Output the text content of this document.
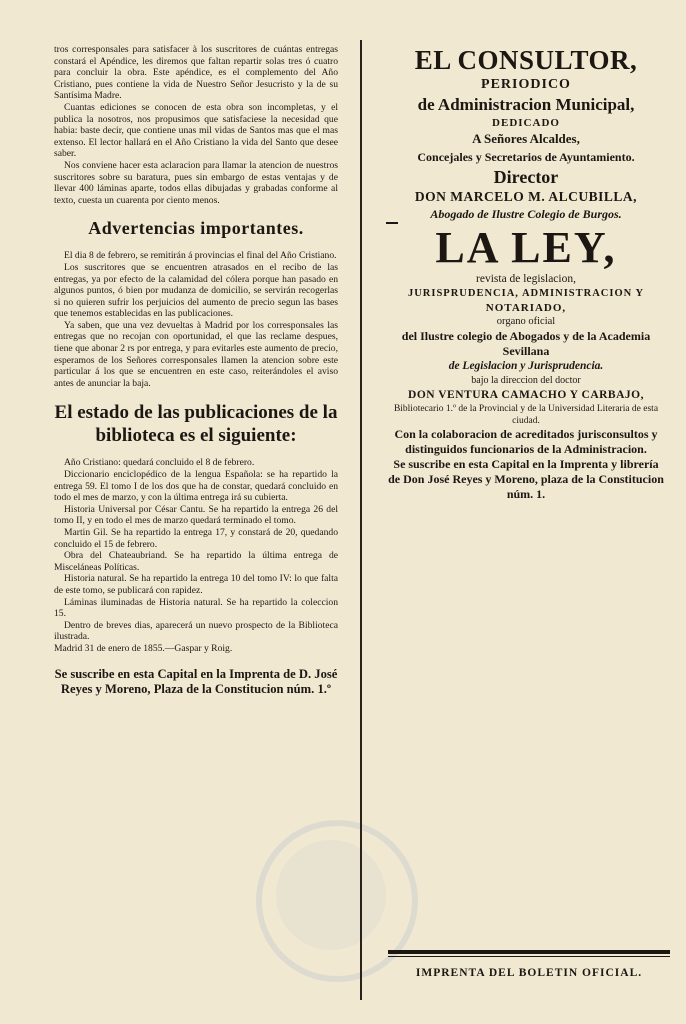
tros corresponsales para satisfacer à los suscritores de cuántas entregas constará el Apéndice, les diremos que faltan repartir solas tres ó cuatro para concluir la obra. Este apéndice, es el complemento del Año Cristiano, pues contiene la vida de Nuestro Señor Jesucristo y la de su Santísima Madre.

Cuantas ediciones se conocen de esta obra son incompletas, y el publica la nosotros, nos propusimos que satisfaciese la necesidad que habia: baste decir, que contiene unas mil vidas de Santos mas que el mas extenso. El lector hallará en el Año Cristiano la vida del Santo que desee saber.

Nos conviene hacer esta aclaracion para llamar la atencion de nuestros suscritores sobre su baratura, pues sin embargo de estas ventajas y de llevar 400 láminas aparte, todos ellas dibujadas y grabadas conforme al texto, cuesta un cuarenta por ciento menos.

Advertencias importantes.

El dia 8 de febrero, se remitirán á provincias el final del Año Cristiano.

Los suscritores que se encuentren atrasados en el recibo de las entregas, ya por efecto de la calamidad del cólera porque han pasado en algunos puntos, ó bien por mudanza de domicilio, se servirán recogerlas si no quieren sufrir los perjuicios del aumento de precio segun las bases que tenemos establecidas en las publicaciones.

Ya saben, que una vez devueltas à Madrid por los corresponsales las entregas que no recojan con oportunidad, el que las reclame despues, tiene que abonar 2 rs por entrega, y para evitarles este aumento de precio, esperamos de los Señores corresponsales llamen la atencion sobre este particular á los que se encuentren en este caso, reiterándoles el aviso antes de anunciar la baja.

El estado de las publicaciones de la biblioteca es el siguiente:

Año Cristiano: quedará concluido el 8 de febrero.

Diccionario enciclopédico de la lengua Española: se ha repartido la entrega 59. El tomo I de los dos que ha de constar, quedará concluido en todo el mes de marzo, y con la última entrega irá su cubierta.

Historia Universal por César Cantu. Se ha repartido la entrega 26 del tomo II, y en todo el mes de marzo quedará terminado el tomo.

Martin Gil. Se ha repartido la entrega 17, y constará de 20, quedando concluido el 15 de febrero.

Obra del Chateaubriand. Se ha repartido la última entrega de Misceláneas Políticas.

Historia natural. Se ha repartido la entrega 10 del tomo IV: lo que falta de este tomo, se publicará con rapidez.

Láminas iluminadas de Historia natural. Se ha repartido la coleccion 15.

Dentro de breves dias, aparecerá un nuevo prospecto de la Biblioteca ilustrada.

Madrid 31 de enero de 1855.—Gaspar y Roig.

Se suscribe en esta Capital en la Imprenta de D. José Reyes y Moreno, Plaza de la Constitucion núm. 1.º
EL CONSULTOR,
PERIODICO
de Administracion Municipal,
DEDICADO
A Señores Alcaldes,
Concejales y Secretarios de Ayuntamiento.
Director
DON MARCELO M. ALCUBILLA,
Abogado de Ilustre Colegio de Burgos.
LA LEY,
revista de legislacion,
JURISPRUDENCIA, ADMINISTRACION Y
NOTARIADO,
organo oficial
del Ilustre colegio de Abogados y de la Academia Sevillana
de Legislacion y Jurisprudencia.
bajo la direccion del doctor
DON VENTURA CAMACHO Y CARBAJO,
Bibliotecario 1.º de la Provincial y de la Universidad Literaria de esta ciudad.
Con la colaboracion de acreditados jurisconsultos y distinguidos funcionarios de la Administracion.
Se suscribe en esta Capital en la Imprenta y librería de Don José Reyes y Moreno, plaza de la Constitucion núm. 1.
IMPRENTA DEL BOLETIN OFICIAL.
